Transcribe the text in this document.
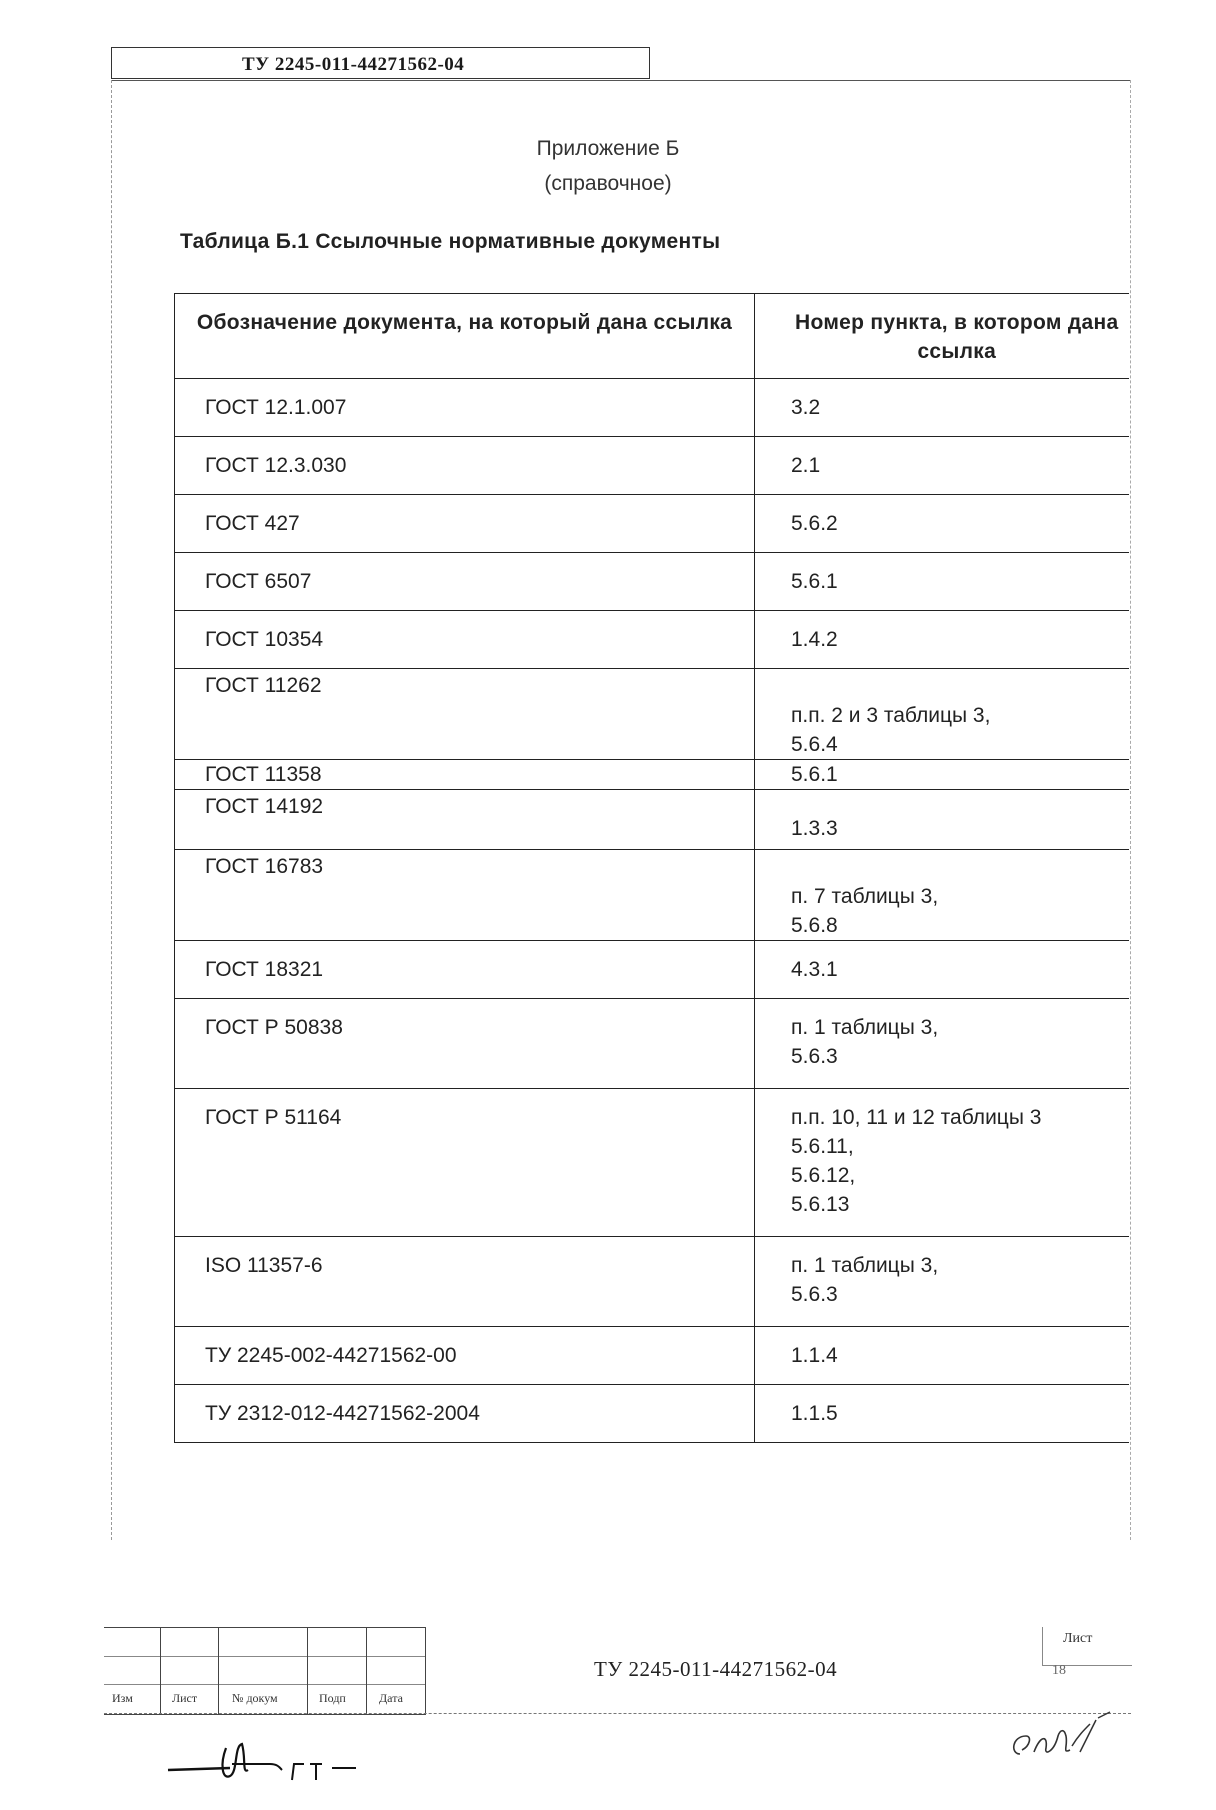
ТУ 2245-011-44271562-04
Приложение Б
(справочное)
Таблица Б.1 Ссылочные нормативные документы
Обозначение документа, на который дана ссылка	Номер пункта, в котором дана ссылка
ГОСТ 12.1.007	3.2

ГОСТ 12.3.030	2.1

ГОСТ 427	5.6.2

ГОСТ 6507	5.6.1

ГОСТ 10354	1.4.2

ГОСТ 11262	п.п. 2 и 3 таблицы 3,
5.6.4

ГОСТ 11358	5.6.1

ГОСТ 14192	1.3.3

ГОСТ 16783	п. 7 таблицы 3,
5.6.8

ГОСТ 18321	4.3.1

ГОСТ Р 50838	п. 1 таблицы 3,
5.6.3

ГОСТ Р 51164	п.п. 10, 11 и 12 таблицы 3
5.6.11,
5.6.12,
5.6.13

ISO 11357-6	п. 1 таблицы 3,
5.6.3

ТУ 2245-002-44271562-00	1.1.4

ТУ 2312-012-44271562-2004	1.1.5
Изм	Лист	№ докум	Подп	Дата
ТУ 2245-011-44271562-04
Лист
18
